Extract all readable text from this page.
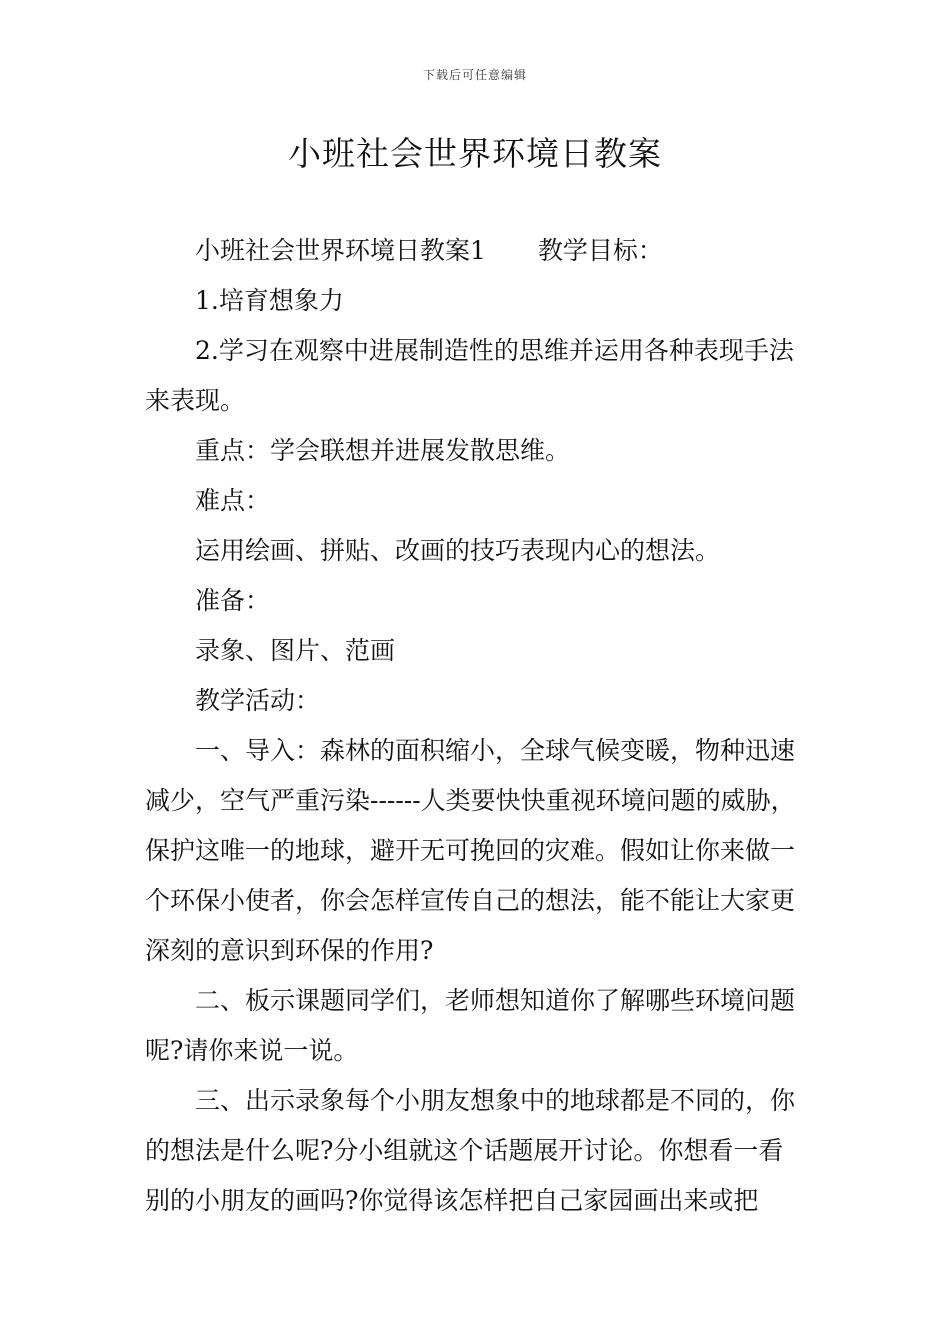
下载后可任意编辑
小班社会世界环境日教案

小班社会世界环境日教案1 教学目标：

1.培育想象力

2.学习在观察中进展制造性的思维并运用各种表现手法来表现。

重点：学会联想并进展发散思维。

难点：

运用绘画、拼贴、改画的技巧表现内心的想法。

准备：

录象、图片、范画

教学活动：

一、导入：森林的面积缩小，全球气候变暖，物种迅速减少，空气严重污染------人类要快快重视环境问题的威胁，保护这唯一的地球，避开无可挽回的灾难。假如让你来做一个环保小使者，你会怎样宣传自己的想法，能不能让大家更深刻的意识到环保的作用?

二、板示课题同学们，老师想知道你了解哪些环境问题呢?请你来说一说。

三、出示录象每个小朋友想象中的地球都是不同的，你的想法是什么呢?分小组就这个话题展开讨论。你想看一看别的小朋友的画吗?你觉得该怎样把自己家园画出来或把
